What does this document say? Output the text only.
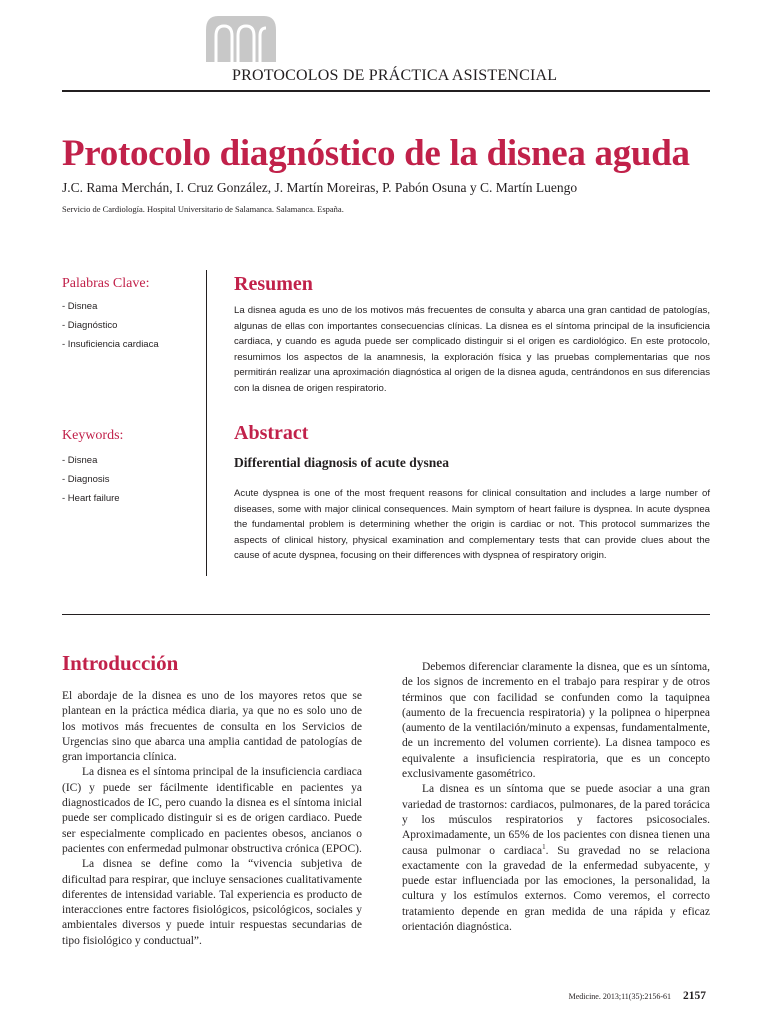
PROTOCOLOS DE PRÁCTICA ASISTENCIAL
Protocolo diagnóstico de la disnea aguda
J.C. Rama Merchán, I. Cruz González, J. Martín Moreiras, P. Pabón Osuna y C. Martín Luengo
Servicio de Cardiología. Hospital Universitario de Salamanca. Salamanca. España.
Palabras Clave:
- Disnea
- Diagnóstico
- Insuficiencia cardiaca
Keywords:
- Disnea
- Diagnosis
- Heart failure
Resumen

La disnea aguda es uno de los motivos más frecuentes de consulta y abarca una gran cantidad de patologías, algunas de ellas con importantes consecuencias clínicas. La disnea es el síntoma principal de la insuficiencia cardiaca, y cuando es aguda puede ser complicado distinguir si el origen es cardiológico. En este protocolo, resumimos los aspectos de la anamnesis, la exploración física y las pruebas complementarias que nos permitirán realizar una aproximación diagnóstica al origen de la disnea aguda, centrándonos en sus diferencias con la disnea de origen respiratorio.

Abstract
Differential diagnosis of acute dysnea

Acute dyspnea is one of the most frequent reasons for clinical consultation and includes a large number of diseases, some with major clinical consequences. Main symptom of heart failure is dyspnea. In acute dyspnea the fundamental problem is determining whether the origin is cardiac or not. This protocol summarizes the aspects of clinical history, physical examination and complementary tests that can provide clues about the cause of acute dyspnea, focusing on their differences with dyspnea of respiratory origin.

Introducción

El abordaje de la disnea es uno de los mayores retos que se plantean en la práctica médica diaria, ya que no es solo uno de los motivos más frecuentes de consulta en los Servicios de Urgencias sino que abarca una amplia cantidad de patologías de gran importancia clínica.

La disnea es el síntoma principal de la insuficiencia cardiaca (IC) y puede ser fácilmente identificable en pacientes ya diagnosticados de IC, pero cuando la disnea es el síntoma inicial puede ser complicado distinguir si es de origen cardiaco. Puede ser especialmente complicado en pacientes obesos, ancianos o pacientes con enfermedad pulmonar obstructiva crónica (EPOC).

La disnea se define como la “vivencia subjetiva de dificultad para respirar, que incluye sensaciones cualitativamente diferentes de intensidad variable. Tal experiencia es producto de interacciones entre factores fisiológicos, psicológicos, sociales y ambientales diversos y puede intuir respuestas secundarias de tipo fisiológico y conductual”.

Debemos diferenciar claramente la disnea, que es un síntoma, de los signos de incremento en el trabajo para respirar y de otros términos que con facilidad se confunden como la taquipnea (aumento de la frecuencia respiratoria) y la polipnea o hiperpnea (aumento de la ventilación/minuto a expensas, fundamentalmente, de un incremento del volumen corriente). La disnea tampoco es equivalente a insuficiencia respiratoria, que es un concepto exclusivamente gasométrico.

La disnea es un síntoma que se puede asociar a una gran variedad de trastornos: cardiacos, pulmonares, de la pared torácica y los músculos respiratorios y factores psicosociales. Aproximadamente, un 65% de los pacientes con disnea tienen una causa pulmonar o cardiaca$^1$. Su gravedad no se relaciona exactamente con la gravedad de la enfermedad subyacente, y puede estar influenciada por las emociones, la personalidad, la cultura y los estímulos externos. Como veremos, el correcto tratamiento depende en gran medida de una rápida y eficaz orientación diagnóstica.

Medicine. 2013;11(35):2156-61 2157
